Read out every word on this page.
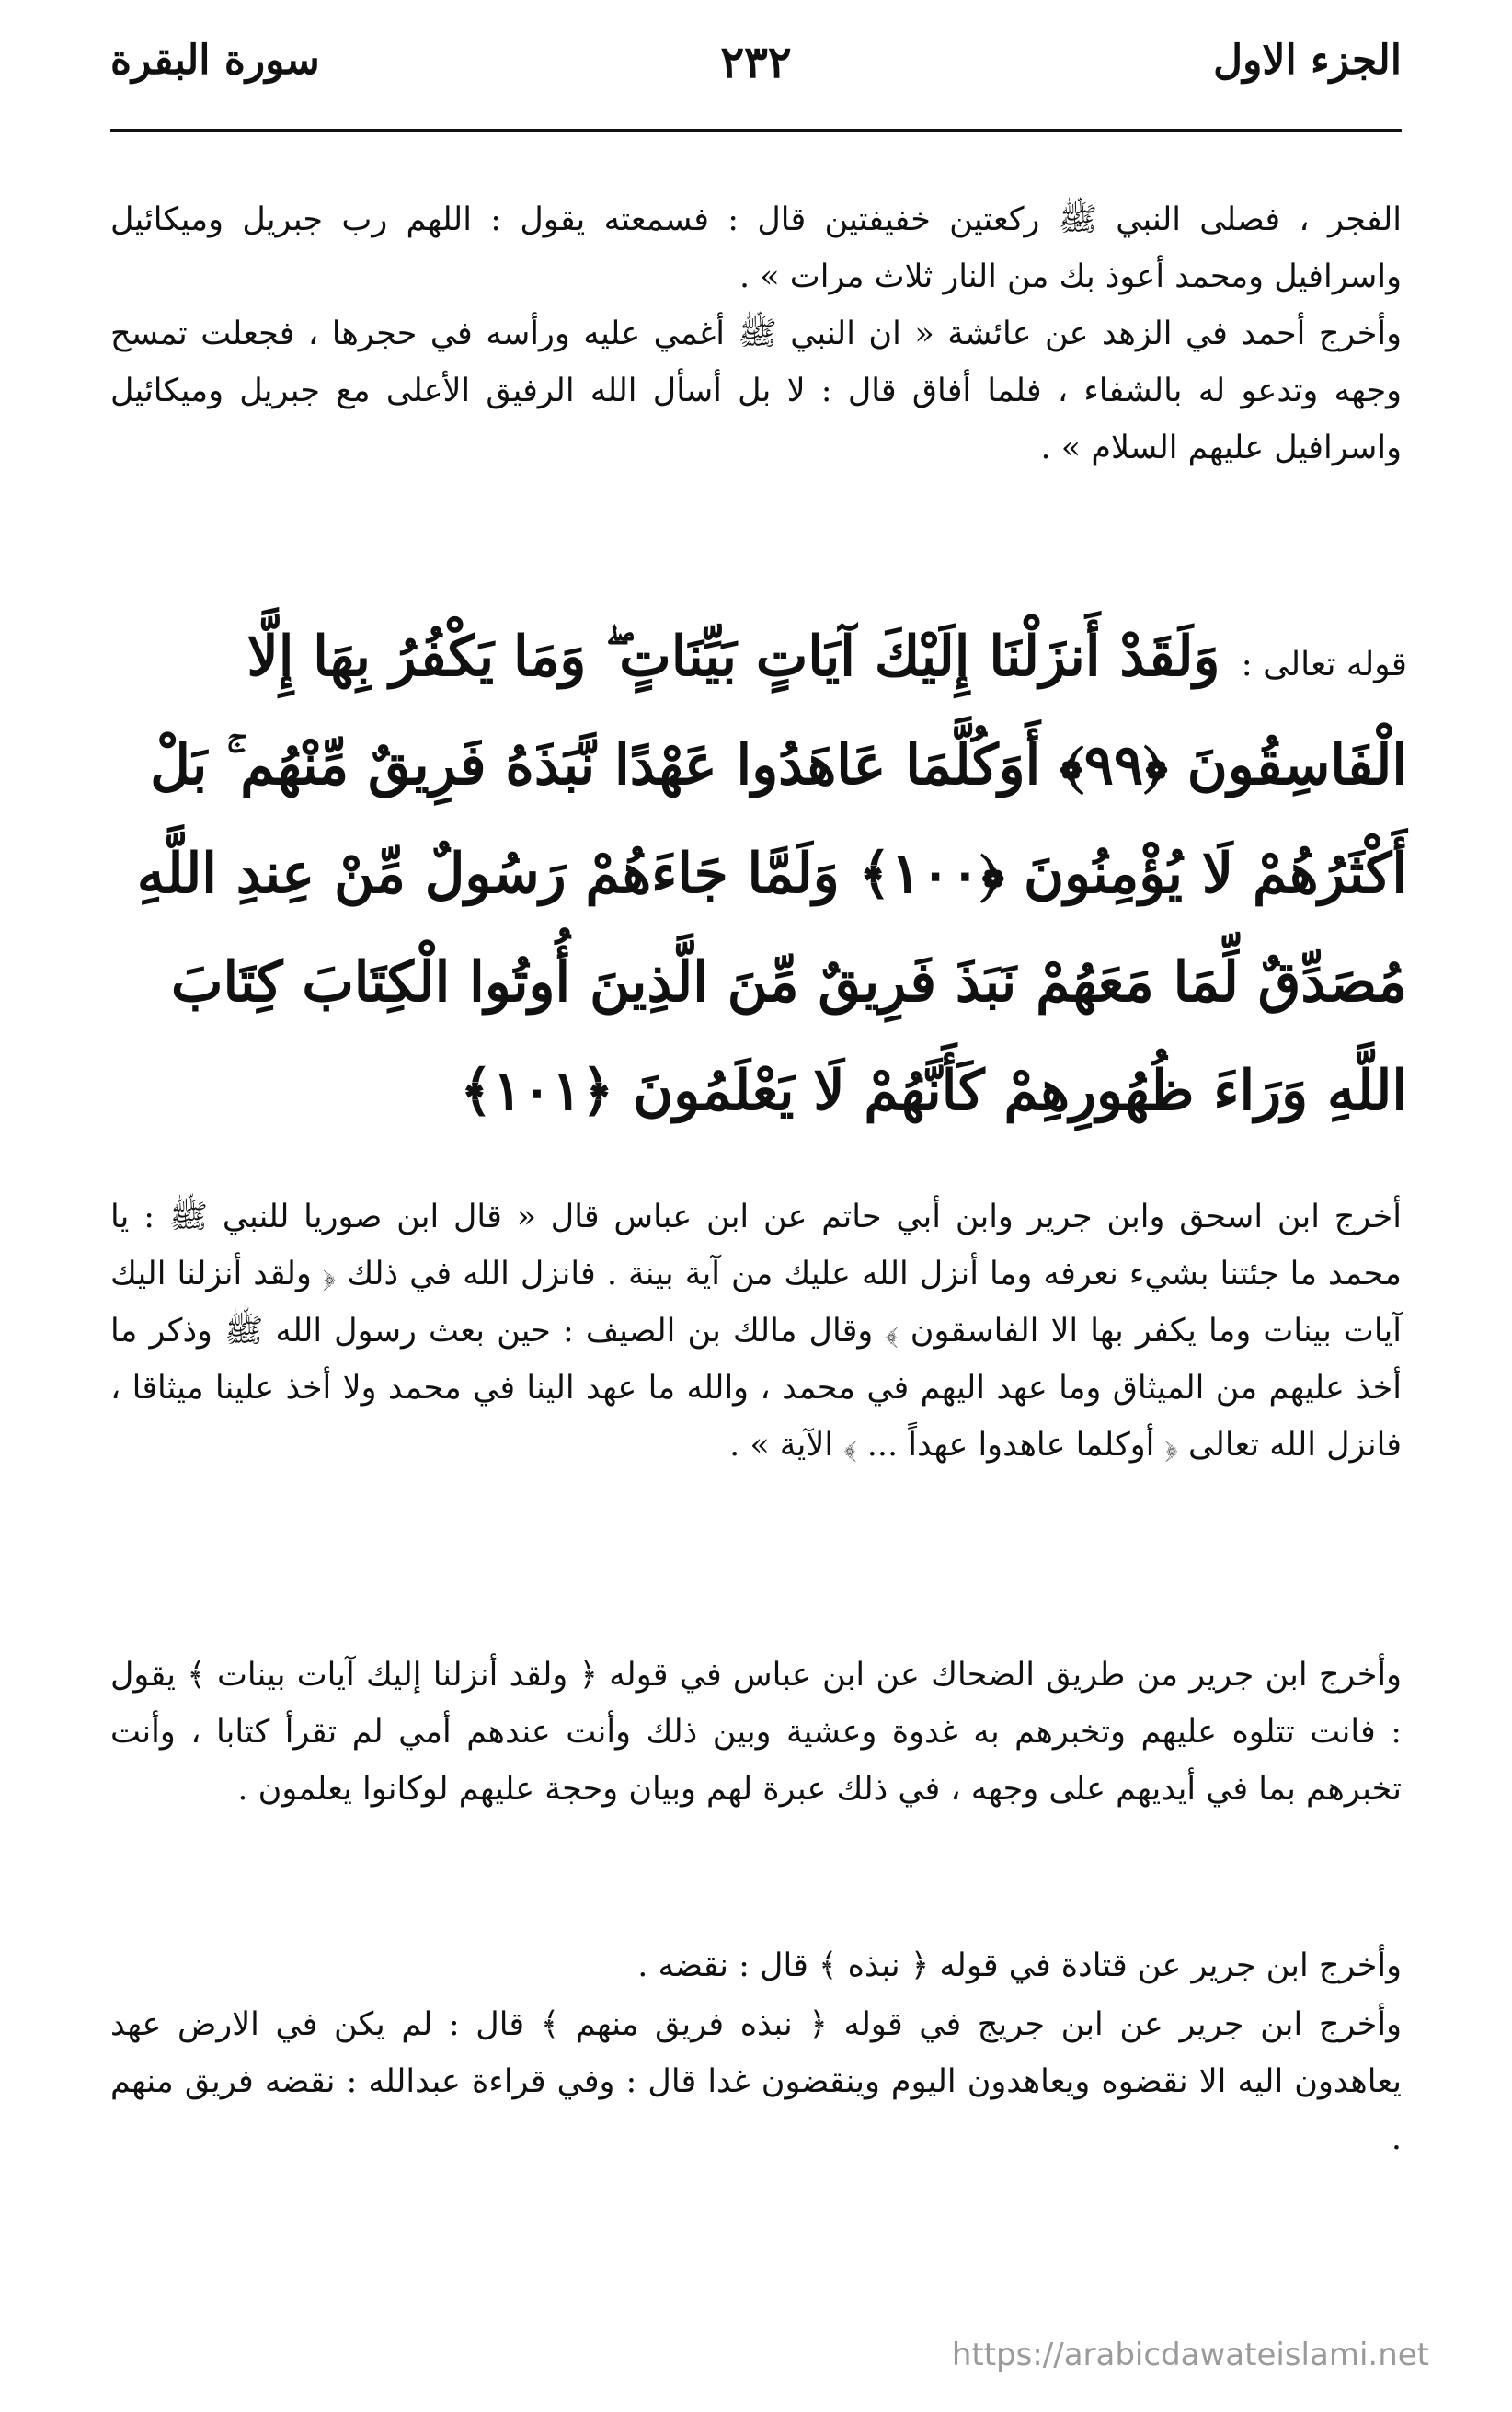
الجزء الاول
٢٣٢
سورة البقرة
الفجر ، فصلى النبي ﷺ ركعتين خفيفتين قال : فسمعته يقول : اللهم رب جبريل وميكائيل واسرافيل ومحمد أعوذ بك من النار ثلاث مرات » .
وأخرج أحمد في الزهد عن عائشة « ان النبي ﷺ أغمي عليه ورأسه في حجرها ، فجعلت تمسح وجهه وتدعو له بالشفاء ، فلما أفاق قال : لا بل أسأل الله الرفيق الأعلى مع جبريل وميكائيل واسرافيل عليهم السلام » .
قوله تعالى : وَلَقَدْ أَنزَلْنَا إِلَيْكَ آيَاتٍ بَيِّنَاتٍ ۖ وَمَا يَكْفُرُ بِهَا إِلَّا الْفَاسِقُونَ ﴿٩٩﴾ أَوَكُلَّمَا عَاهَدُوا عَهْدًا نَّبَذَهُ فَرِيقٌ مِّنْهُم ۚ بَلْ أَكْثَرُهُمْ لَا يُؤْمِنُونَ ﴿١٠٠﴾ وَلَمَّا جَاءَهُمْ رَسُولٌ مِّنْ عِندِ اللَّهِ مُصَدِّقٌ لِّمَا مَعَهُمْ نَبَذَ فَرِيقٌ مِّنَ الَّذِينَ أُوتُوا الْكِتَابَ كِتَابَ اللَّهِ وَرَاءَ ظُهُورِهِمْ كَأَنَّهُمْ لَا يَعْلَمُونَ ﴿١٠١﴾
أخرج ابن اسحق وابن جرير وابن أبي حاتم عن ابن عباس قال « قال ابن صوريا للنبي ﷺ : يا محمد ما جئتنا بشيء نعرفه وما أنزل الله عليك من آية بينة . فانزل الله في ذلك ﴿ ولقد أنزلنا اليك آيات بينات وما يكفر بها الا الفاسقون ﴾ وقال مالك بن الصيف : حين بعث رسول الله ﷺ وذكر ما أخذ عليهم من الميثاق وما عهد اليهم في محمد ، والله ما عهد الينا في محمد ولا أخذ علينا ميثاقا ، فانزل الله تعالى ﴿ أوكلما عاهدوا عهداً ... ﴾ الآية » .
وأخرج ابن جرير من طريق الضحاك عن ابن عباس في قوله ﴿ ولقد أنزلنا إليك آيات بينات ﴾ يقول : فانت تتلوه عليهم وتخبرهم به غدوة وعشية وبين ذلك وأنت عندهم أمي لم تقرأ كتابا ، وأنت تخبرهم بما في أيديهم على وجهه ، في ذلك عبرة لهم وبيان وحجة عليهم لوكانوا يعلمون .
وأخرج ابن جرير عن قتادة في قوله ﴿ نبذه ﴾ قال : نقضه .
وأخرج ابن جرير عن ابن جريج في قوله ﴿ نبذه فريق منهم ﴾ قال : لم يكن في الارض عهد يعاهدون اليه الا نقضوه ويعاهدون اليوم وينقضون غدا قال : وفي قراءة عبدالله : نقضه فريق منهم .
https://arabicdawateislami.net
